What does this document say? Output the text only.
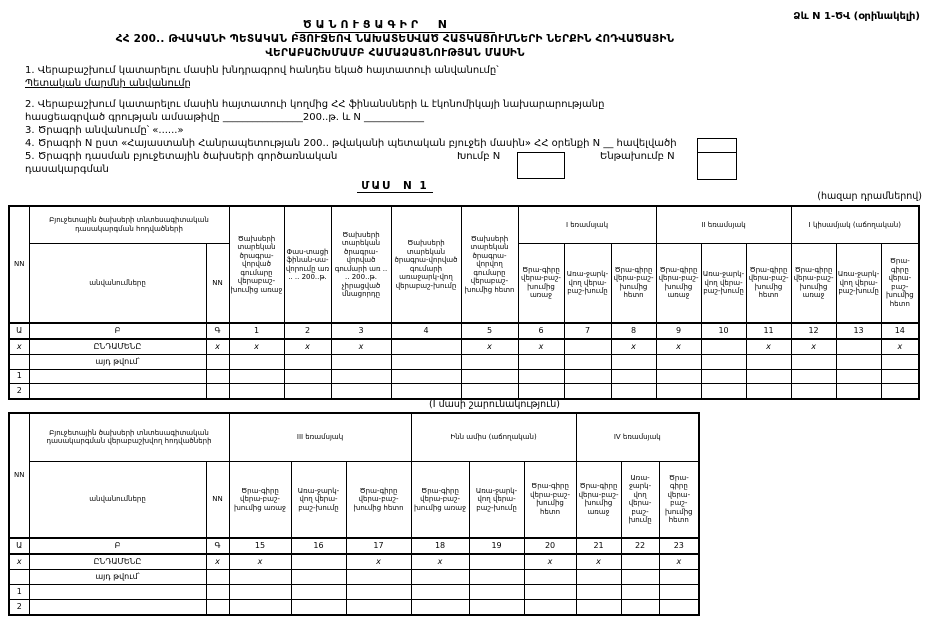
Ձև N 1-ԾՎ (օրինակելի)
ԾԱՆՈՒՑԱԳԻՐ  N
ՀՀ 200.. ԹՎԱԿԱՆԻ ՊԵՏԱԿԱՆ ԲՅՈՒՋԵՈՎ ՆԱԽԱՏԵՍՎԱԾ ՀԱՏԿԱՑՈՒՄՆԵՐԻ ՆԵՐՔԻՆ ՀՈԴՎԱԾԱՅԻՆ
ՎԵՐԱԲԱՇԽՄԱՄԲ ՀԱՄԱՁԱՅՆՈՒԹՅԱՆ ՄԱՍԻՆ
1. Վերաբաշխում կատարելու մասին խնդրագրով հանդես եկած հայտատուի անվանումը՝
Պետական մարմնի անվանումը
2. Վերաբաշխում կատարելու մասին հայտատուի կողմից ՀՀ ֆինանսների և էկոնոմիկայի նախարարությանը
հասցեագրված գրության ամսաթիվը ________________200..թ. և N ____________
3. Ծրագրի անվանումը՝ «......»
4. Ծրագրի N ըստ «Հայաստանի Հանրապետության 200.. թվականի պետական բյուջեի մասին» ՀՀ օրենքի N __ հավելվածի
5. Ծրագրի դասման բյուջետային ծախսերի գործառնական	Խումբ N	Ենթախումբ N
դասակարգման
ՄԱՍ  N 1
(հազար դրամներով)
NN	Բյուջետային ծախսերի տնտեսագիտական դասակարգման հոդվածների		Ծախսերի տարեկան ծրագրա-վորված գումարը վերաբաշ-խումից առաջ	Փաս-տացի ֆինան-սա-վորումը առ .. .. 200..թ.	Ծախսերի տարեկան ծրագրա-վորված գումարի առ .. .. 200..թ. չիրացված մնացորդը	Ծախսերի տարեկան ծրագրա-վորված գումարի առաջարկ-վող վերաբաշ-խումը	Ծախսերի տարեկան ծրագրա-վորվող գումարը վերաբաշ-խումից հետո	I եռամսյակ			II եռամսյակ			I կիսամյակ (աճողական)		
	անվանումները	NN						Ծրա-գիրը վերա-բաշ-խումից առաջ	Առա-ջարկ-վող վերա-բաշ-խումը	Ծրա-գիրը վերա-բաշ-խումից հետո	Ծրա-գիրը վերա-բաշ-խումից առաջ	Առա-ջարկ-վող վերա-բաշ-խումը	Ծրա-գիրը վերա-բաշ-խումից հետո	Ծրա-գիրը վերա-բաշ-խումից առաջ	Առա-ջարկ-վող վերա-բաշ-խումը	Ծրա-գիրը վերա-բաշ-խումից հետո
Ա	Բ	Գ	1	2	3	4	5	6	7	8	9	10	11	12	13	14
x	ԸՆԴԱՄԵՆԸ	x	x	x	x		x	x		x	x		x	x		x
	այդ թվում՝															
1																
2																
(I մասի շարունակություն)
NN	Բյուջետային ծախսերի տնտեսագիտական դասակարգման վերաբաշխվող հոդվածների		III եռամսյակ			Ինն ամիս (աճողական)			IV եռամսյակ		
	անվանումները	NN	Ծրա-գիրը վերա-բաշ-խումից առաջ	Առա-ջարկ-վող վերա-բաշ-խումը	Ծրա-գիրը վերա-բաշ-խումից հետո	Ծրա-գիրը վերա-բաշ-խումից առաջ	Առա-ջարկ-վող վերա-բաշ-խումը	Ծրա-գիրը վերա-բաշ-խումից հետո	Ծրա-գիրը վերա-բաշ-խումից առաջ	Առա-ջարկ-վող վերա-բաշ-խումը	Ծրա-գիրը վերա-բաշ-խումից հետո
Ա	Բ	Գ	15	16	17	18	19	20	21	22	23
x	ԸՆԴԱՄԵՆԸ	x	x		x	x		x	x		x
	այդ թվում՝										
1											
2											
